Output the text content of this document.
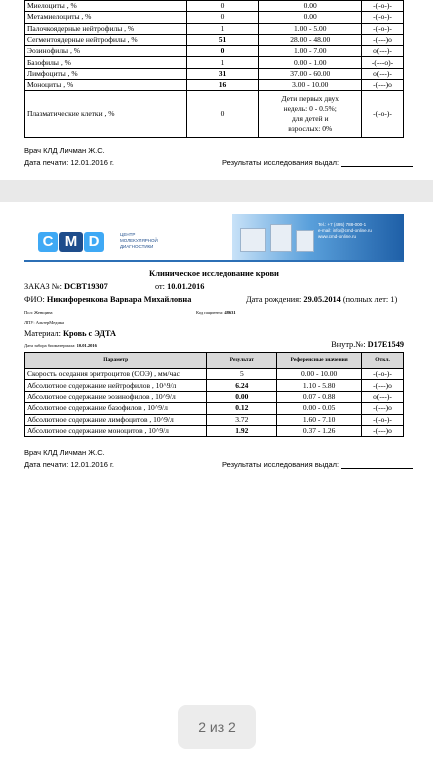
Миелоциты , %	0	0.00	-(-о-)-
Метамиелоциты , %	0	0.00	-(-о-)-
Палочкоядерные нейтрофилы , %	1	1.00 - 5.00	-(-о-)-
Сегментоядерные нейтрофилы , %	51	28.00 - 48.00	-(---)o
Эозинофилы , %	0	1.00 - 7.00	o(---)-
Базофилы , %	1	0.00 - 1.00	-(---o)-
Лимфоциты , %	31	37.00 - 60.00	o(---)-
Моноциты , %	16	3.00 - 10.00	-(---)o
Плазматические клетки , %	0	Дети первых двух
недель: 0 - 0.5%;
для детей и
взрослых: 0%	-(-о-)-
Врач КЛД Личман Ж.С.
Дата печати: 12.01.2016 г.	Результаты исследования выдал:
C M D	ЦЕНТР
МОЛЕКУЛЯРНОЙ
ДИАГНОСТИКИ
Tel.: +7 (495) 788-000-1
e-mail: info@cmd-online.ru
www.cmd-online.ru
Клиническое исследование крови
ЗАКАЗ №: DCBT19307	от: 10.01.2016
ФИО: Никифоренкова Варвара Михайловна	Дата рождения: 29.05.2014 (полных лет: 1)
Пол: Женщина	Код пациента: 48631
ЛПУ: АльтерМедика
Материал: Кровь с ЭДТА
Дата забора биоматериала: 10.01.2016	Внутр.№: D17E1549
Параметр	Результат	Референсные значения	Откл.
Скорость оседания эритроцитов (СОЭ) , мм/час	5	0.00 - 10.00	-(-о-)-
Абсолютное содержание нейтрофилов , 10^9/л	6.24	1.10 - 5.80	-(---)o
Абсолютное содержание эозинофилов , 10^9/л	0.00	0.07 - 0.88	o(---)-
Абсолютное содержание базофилов , 10^9/л	0.12	0.00 - 0.05	-(---)o
Абсолютное содержание лимфоцитов , 10^9/л	3.72	1.60 - 7.10	-(-о-)-
Абсолютное содержание моноцитов , 10^9/л	1.92	0.37 - 1.26	-(---)o
Врач КЛД Личман Ж.С.
Дата печати: 12.01.2016 г.	Результаты исследования выдал:
2 из 2
